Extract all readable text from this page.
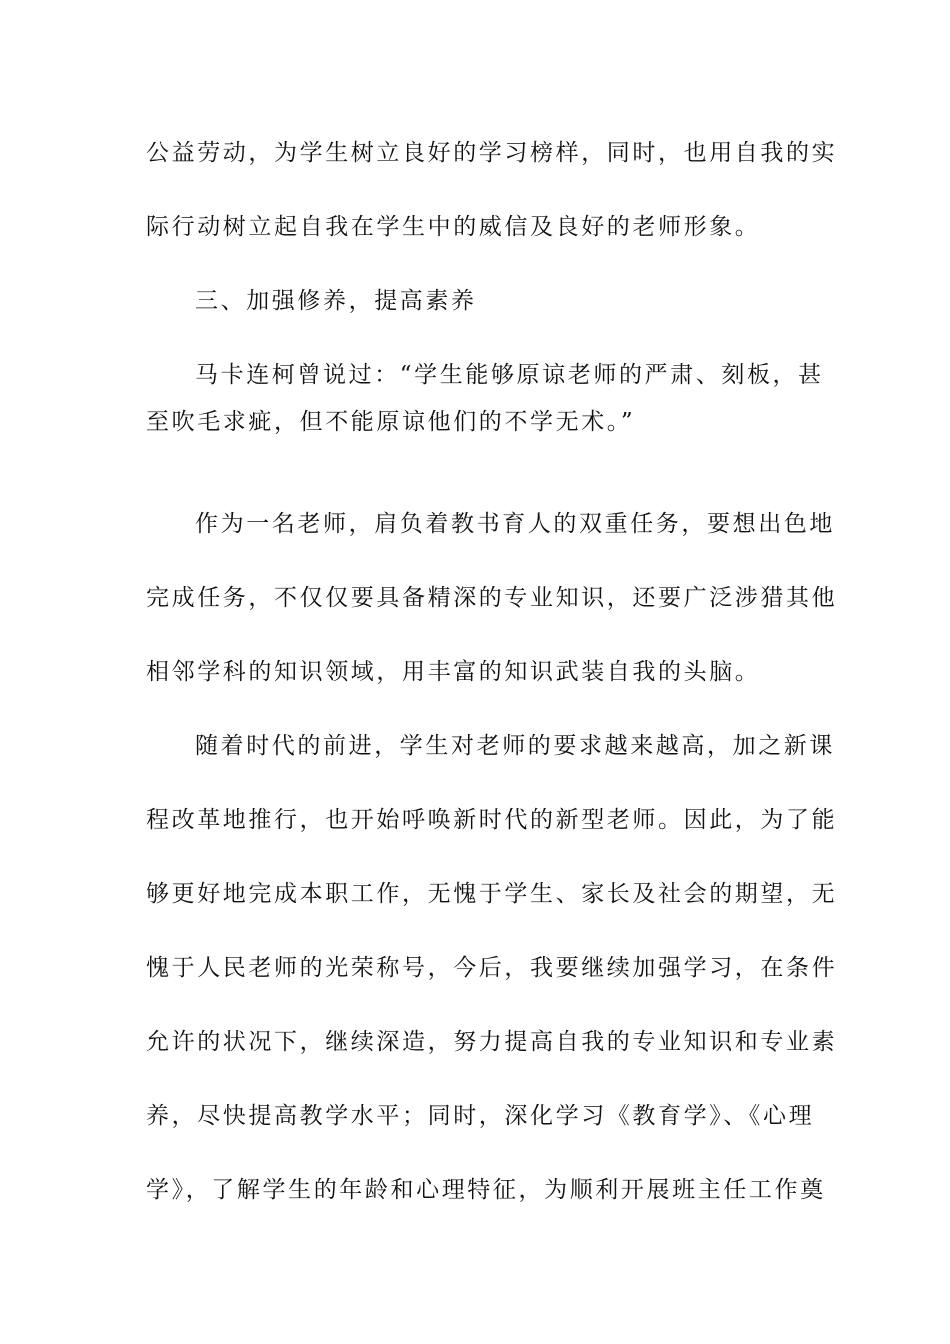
公益劳动，为学生树立良好的学习榜样，同时，也用自我的实
际行动树立起自我在学生中的威信及良好的老师形象。
三、加强修养，提高素养
马卡连柯曾说过：“学生能够原谅老师的严肃、刻板，甚
至吹毛求疵，但不能原谅他们的不学无术。”
作为一名老师，肩负着教书育人的双重任务，要想出色地
完成任务，不仅仅要具备精深的专业知识，还要广泛涉猎其他
相邻学科的知识领域，用丰富的知识武装自我的头脑。
随着时代的前进，学生对老师的要求越来越高，加之新课
程改革地推行，也开始呼唤新时代的新型老师。因此，为了能
够更好地完成本职工作，无愧于学生、家长及社会的期望，无
愧于人民老师的光荣称号，今后，我要继续加强学习，在条件
允许的状况下，继续深造，努力提高自我的专业知识和专业素
养，尽快提高教学水平；同时，深化学习《教育学》、《心理
学》，了解学生的年龄和心理特征，为顺利开展班主任工作奠
